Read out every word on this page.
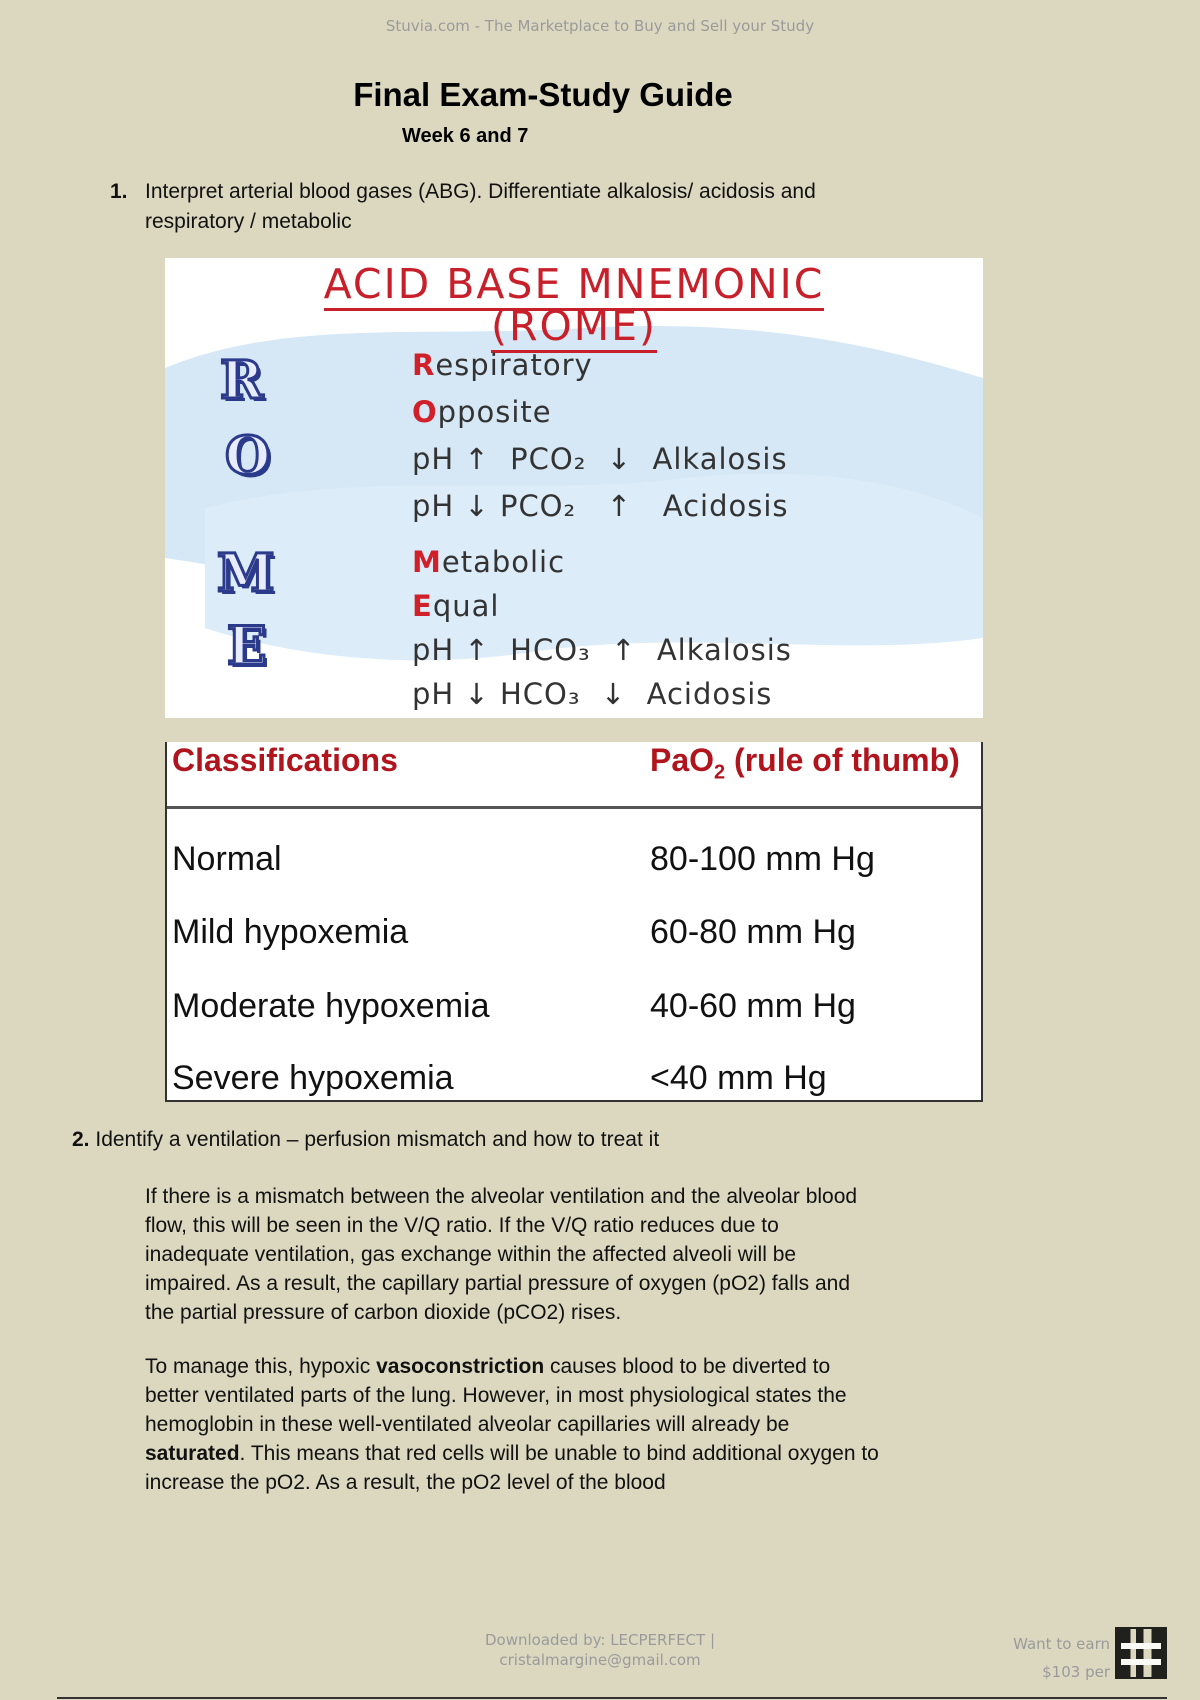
Stuvia.com - The Marketplace to Buy and Sell your Study
Final Exam-Study Guide
Week 6 and 7
1. Interpret arterial blood gases (ABG). Differentiate alkalosis/ acidosis and respiratory / metabolic
ACID BASE MNEMONIC
(ROME)
R
O
M
E
Respiratory
Opposite
pH ↑  PCO₂  ↓  Alkalosis
pH ↓ PCO₂   ↑   Acidosis
Metabolic
Equal
pH ↑  HCO₃  ↑  Alkalosis
pH ↓ HCO₃  ↓  Acidosis
Classifications	PaO$_2$ (rule of thumb)
Normal	80-100 mm Hg
Mild hypoxemia	60-80 mm Hg
Moderate hypoxemia	40-60 mm Hg
Severe hypoxemia	<40 mm Hg
2. Identify a ventilation – perfusion mismatch and how to treat it
If there is a mismatch between the alveolar ventilation and the alveolar blood flow, this will be seen in the V/Q ratio. If the V/Q ratio reduces due to inadequate ventilation, gas exchange within the affected alveoli will be impaired. As a result, the capillary partial pressure of oxygen (pO2) falls and the partial pressure of carbon dioxide (pCO2) rises.
To manage this, hypoxic vasoconstriction causes blood to be diverted to better ventilated parts of the lung. However, in most physiological states the hemoglobin in these well-ventilated alveolar capillaries will already be saturated. This means that red cells will be unable to bind additional oxygen to increase the pO2. As a result, the pO2 level of the blood
Downloaded by: LECPERFECT |
cristalmargine@gmail.com
Want to earn
$103 per
